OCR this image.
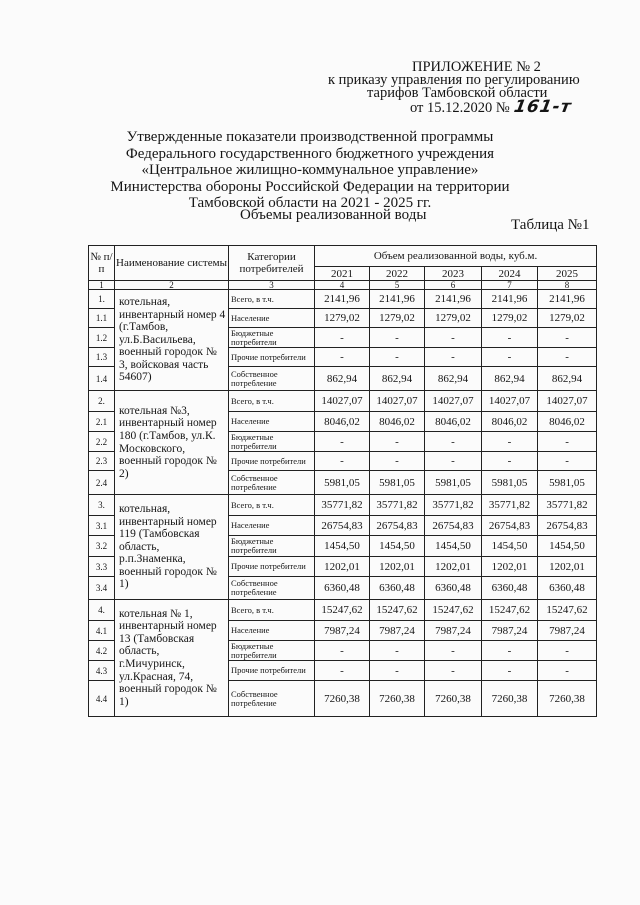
ПРИЛОЖЕНИЕ № 2
к приказу управления по регулированию
тарифов Тамбовской области
от 15.12.2020 № 161-т
Утвержденные показатели производственной программы Федерального государственного бюджетного учреждения «Центральное жилищно-коммунальное управление» Министерства обороны Российской Федерации на территории Тамбовской области на 2021 - 2025 гг.
Объемы реализованной воды
Таблица №1
№ п/п	Наименование системы	Категории потребителей	Объем реализованной воды, куб.м.				
			2021	2022	2023	2024	2025
1	2	3	4	5	6	7	8
1.	котельная, инвентарный номер 4 (г.Тамбов, ул.Б.Васильева, военный городок № 3, войсковая часть 54607)	Всего, в т.ч.	2141,96	2141,96	2141,96	2141,96	2141,96
1.1		Население	1279,02	1279,02	1279,02	1279,02	1279,02
1.2		Бюджетные потребители	-	-	-	-	-
1.3		Прочие потребители	-	-	-	-	-
1.4		Собственное потребление	862,94	862,94	862,94	862,94	862,94
2.	котельная №3, инвентарный номер 180 (г.Тамбов, ул.К. Московского, военный городок № 2)	Всего, в т.ч.	14027,07	14027,07	14027,07	14027,07	14027,07
2.1		Население	8046,02	8046,02	8046,02	8046,02	8046,02
2.2		Бюджетные потребители	-	-	-	-	-
2.3		Прочие потребители	-	-	-	-	-
2.4		Собственное потребление	5981,05	5981,05	5981,05	5981,05	5981,05
3.	котельная, инвентарный номер 119 (Тамбовская область, р.п.Знаменка, военный городок № 1)	Всего, в т.ч.	35771,82	35771,82	35771,82	35771,82	35771,82
3.1		Население	26754,83	26754,83	26754,83	26754,83	26754,83
3.2		Бюджетные потребители	1454,50	1454,50	1454,50	1454,50	1454,50
3.3		Прочие потребители	1202,01	1202,01	1202,01	1202,01	1202,01
3.4		Собственное потребление	6360,48	6360,48	6360,48	6360,48	6360,48
4.	котельная № 1, инвентарный номер 13 (Тамбовская область, г.Мичуринск, ул.Красная, 74, военный городок № 1)	Всего, в т.ч.	15247,62	15247,62	15247,62	15247,62	15247,62
4.1		Население	7987,24	7987,24	7987,24	7987,24	7987,24
4.2		Бюджетные потребители	-	-	-	-	-
4.3		Прочие потребители	-	-	-	-	-
4.4		Собственное потребление	7260,38	7260,38	7260,38	7260,38	7260,38
